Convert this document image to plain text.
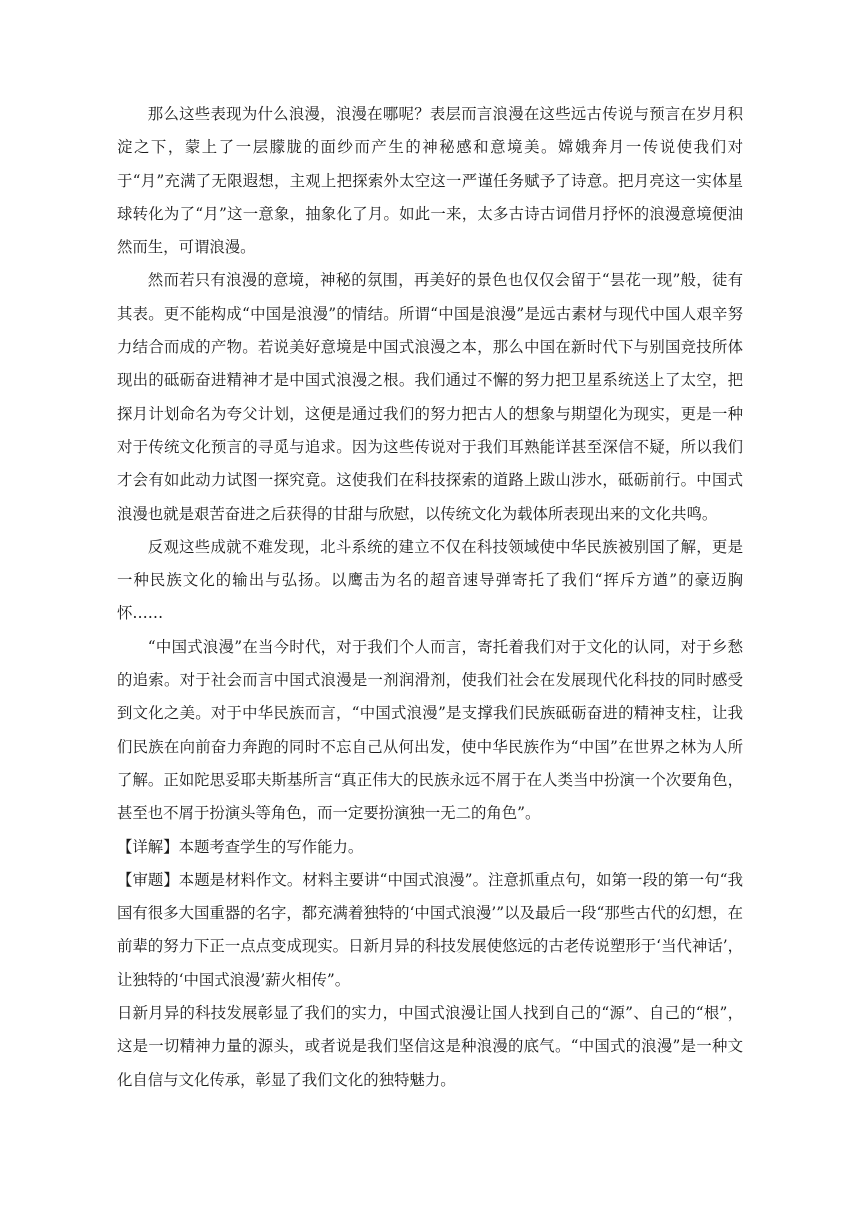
那么这些表现为什么浪漫，浪漫在哪呢？表层而言浪漫在这些远古传说与预言在岁月积淀之下，蒙上了一层朦胧的面纱而产生的神秘感和意境美。嫦娥奔月一传说使我们对于“月”充满了无限遐想，主观上把探索外太空这一严谨任务赋予了诗意。把月亮这一实体星球转化为了“月”这一意象，抽象化了月。如此一来，太多古诗古词借月抒怀的浪漫意境便油然而生，可谓浪漫。

然而若只有浪漫的意境，神秘的氛围，再美好的景色也仅仅会留于“昙花一现”般，徒有其表。更不能构成“中国是浪漫”的情结。所谓“中国是浪漫”是远古素材与现代中国人艰辛努力结合而成的产物。若说美好意境是中国式浪漫之本，那么中国在新时代下与别国竞技所体现出的砥砺奋进精神才是中国式浪漫之根。我们通过不懈的努力把卫星系统送上了太空，把探月计划命名为夸父计划，这便是通过我们的努力把古人的想象与期望化为现实，更是一种对于传统文化预言的寻觅与追求。因为这些传说对于我们耳熟能详甚至深信不疑，所以我们才会有如此动力试图一探究竟。这使我们在科技探索的道路上跋山涉水，砥砺前行。中国式浪漫也就是艰苦奋进之后获得的甘甜与欣慰，以传统文化为载体所表现出来的文化共鸣。

反观这些成就不难发现，北斗系统的建立不仅在科技领域使中华民族被别国了解，更是一种民族文化的输出与弘扬。以鹰击为名的超音速导弹寄托了我们“挥斥方遒”的豪迈胸怀……

“中国式浪漫”在当今时代，对于我们个人而言，寄托着我们对于文化的认同，对于乡愁的追索。对于社会而言中国式浪漫是一剂润滑剂，使我们社会在发展现代化科技的同时感受到文化之美。对于中华民族而言，“中国式浪漫”是支撑我们民族砥砺奋进的精神支柱，让我们民族在向前奋力奔跑的同时不忘自己从何出发，使中华民族作为“中国”在世界之林为人所了解。正如陀思妥耶夫斯基所言“真正伟大的民族永远不屑于在人类当中扮演一个次要角色，甚至也不屑于扮演头等角色，而一定要扮演独一无二的角色”。

【详解】本题考查学生的写作能力。

【审题】本题是材料作文。材料主要讲“中国式浪漫”。注意抓重点句，如第一段的第一句“我国有很多大国重器的名字，都充满着独特的‘中国式浪漫’”以及最后一段“那些古代的幻想，在前辈的努力下正一点点变成现实。日新月异的科技发展使悠远的古老传说塑形于‘当代神话’，让独特的‘中国式浪漫’薪火相传”。

日新月异的科技发展彰显了我们的实力，中国式浪漫让国人找到自己的“源”、自己的“根”，这是一切精神力量的源头，或者说是我们坚信这是种浪漫的底气。“中国式的浪漫”是一种文化自信与文化传承，彰显了我们文化的独特魅力。
